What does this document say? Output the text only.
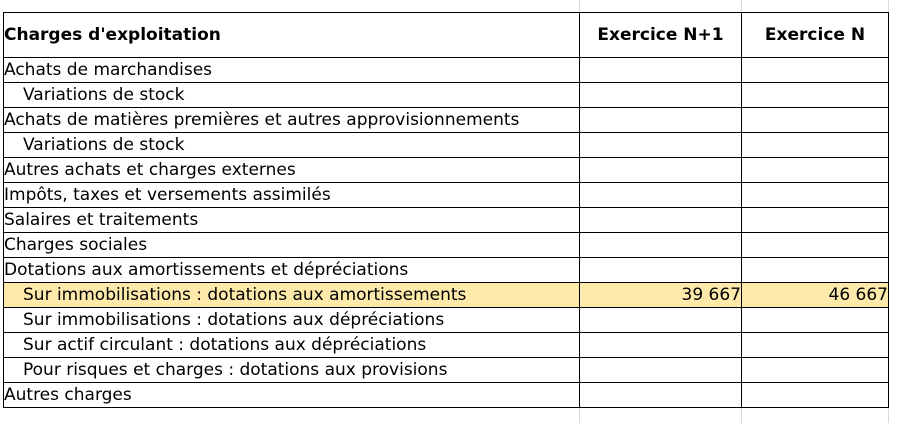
Charges d'exploitation	Exercice N+1	Exercice N
Achats de marchandises		
Variations de stock		
Achats de matières premières et autres approvisionnements		
Variations de stock		
Autres achats et charges externes		
Impôts, taxes et versements assimilés		
Salaires et traitements		
Charges sociales		
Dotations aux amortissements et dépréciations		
Sur immobilisations : dotations aux amortissements	39 667	46 667
Sur immobilisations : dotations aux dépréciations		
Sur actif circulant : dotations aux dépréciations		
Pour risques et charges : dotations aux provisions		
Autres charges		
